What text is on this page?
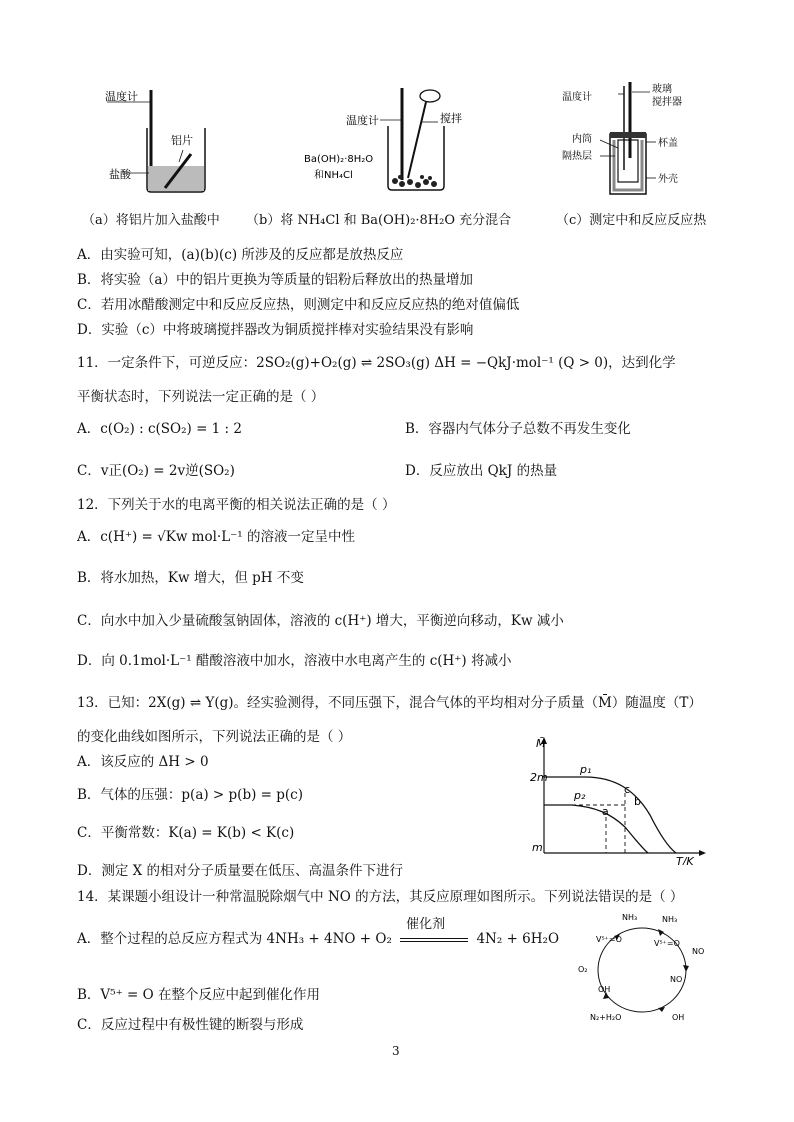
温度计
铝片
盐酸
温度计	搅拌
Ba(OH)₂·8H₂O
和NH₄Cl
温度计
玻璃
搅拌器
内筒
隔热层
杯盖
外壳
（a）将铝片加入盐酸中 （b）将 NH₄Cl 和 Ba(OH)₂·8H₂O 充分混合	（c）测定中和反应反应热
A．由实验可知，(a)(b)(c) 所涉及的反应都是放热反应
B．将实验（a）中的铝片更换为等质量的铝粉后释放出的热量增加
C．若用冰醋酸测定中和反应反应热，则测定中和反应反应热的绝对值偏低
D．实验（c）中将玻璃搅拌器改为铜质搅拌棒对实验结果没有影响
11．一定条件下，可逆反应：2SO₂(g)+O₂(g) ⇌ 2SO₃(g) ΔH = −QkJ·mol⁻¹ (Q > 0)，达到化学
平衡状态时，下列说法一定正确的是（ ）
A．c(O₂) : c(SO₂) = 1 : 2	B．容器内气体分子总数不再发生变化
C．v正(O₂) = 2v逆(SO₂)	D．反应放出 QkJ 的热量
12．下列关于水的电离平衡的相关说法正确的是（ ）
A．c(H⁺) = √Kw mol·L⁻¹ 的溶液一定呈中性
B．将水加热，Kw 增大，但 pH 不变
C．向水中加入少量硫酸氢钠固体，溶液的 c(H⁺) 增大，平衡逆向移动，Kw 减小
D．向 0.1mol·L⁻¹ 醋酸溶液中加水，溶液中水电离产生的 c(H⁺) 将减小
13．已知：2X(g) ⇌ Y(g)。经实验测得，不同压强下，混合气体的平均相对分子质量（M̄）随温度（T）
的变化曲线如图所示，下列说法正确的是（ ）
A．该反应的 ΔH > 0
B．气体的压强：p(a) > p(b) = p(c)
C．平衡常数：K(a) = K(b) < K(c)
D．测定 X 的相对分子质量要在低压、高温条件下进行
M̄
2m
m
T/K
p₁
p₂
a
b
c
14．某课题小组设计一种常温脱除烟气中 NO 的方法，其反应原理如图所示。下列说法错误的是（ ）
A．整个过程的总反应方程式为 4NH₃ + 4NO + O₂
催化剂
4N₂ + 6H₂O
B．V⁵⁺ = O 在整个反应中起到催化作用
C．反应过程中有极性键的断裂与形成
NH₃	NH₃
V⁵⁺=O	V⁵⁺=O
NO
NO
O₂
OH
OH
N₂+H₂O
3
